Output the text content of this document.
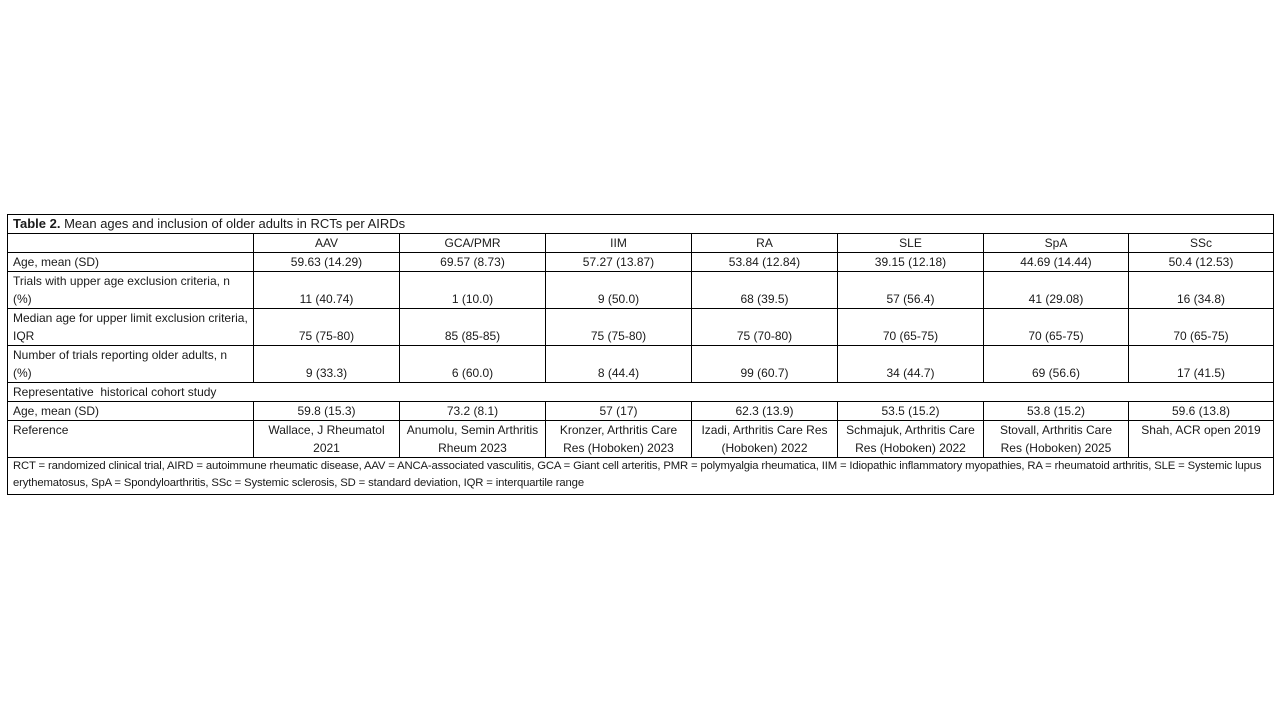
Table 2. Mean ages and inclusion of older adults in RCTs per AIRDs							
	AAV	GCA/PMR	IIM	RA	SLE	SpA	SSc
Age, mean (SD)	59.63 (14.29)	69.57 (8.73)	57.27 (13.87)	53.84 (12.84)	39.15 (12.18)	44.69 (14.44)	50.4 (12.53)
Trials with upper age exclusion criteria, n (%)	11 (40.74)	1 (10.0)	9 (50.0)	68 (39.5)	57 (56.4)	41 (29.08)	16 (34.8)
Median age for upper limit exclusion criteria, IQR	75 (75-80)	85 (85-85)	75 (75-80)	75 (70-80)	70 (65-75)	70 (65-75)	70 (65-75)
Number of trials reporting older adults, n (%)	9 (33.3)	6 (60.0)	8 (44.4)	99 (60.7)	34 (44.7)	69 (56.6)	17 (41.5)
Representative  historical cohort study							
Age, mean (SD)	59.8 (15.3)	73.2 (8.1)	57 (17)	62.3 (13.9)	53.5 (15.2)	53.8 (15.2)	59.6 (13.8)
Reference	Wallace, J Rheumatol 2021	Anumolu, Semin Arthritis Rheum 2023	Kronzer, Arthritis Care Res (Hoboken) 2023	Izadi, Arthritis Care Res (Hoboken) 2022	Schmajuk, Arthritis Care Res (Hoboken) 2022	Stovall, Arthritis Care Res (Hoboken) 2025	Shah, ACR open 2019
RCT = randomized clinical trial, AIRD = autoimmune rheumatic disease, AAV = ANCA-associated vasculitis, GCA = Giant cell arteritis, PMR = polymyalgia rheumatica, IIM = Idiopathic inflammatory myopathies, RA = rheumatoid arthritis, SLE = Systemic lupus erythematosus, SpA = Spondyloarthritis, SSc = Systemic sclerosis, SD = standard deviation, IQR = interquartile range							
